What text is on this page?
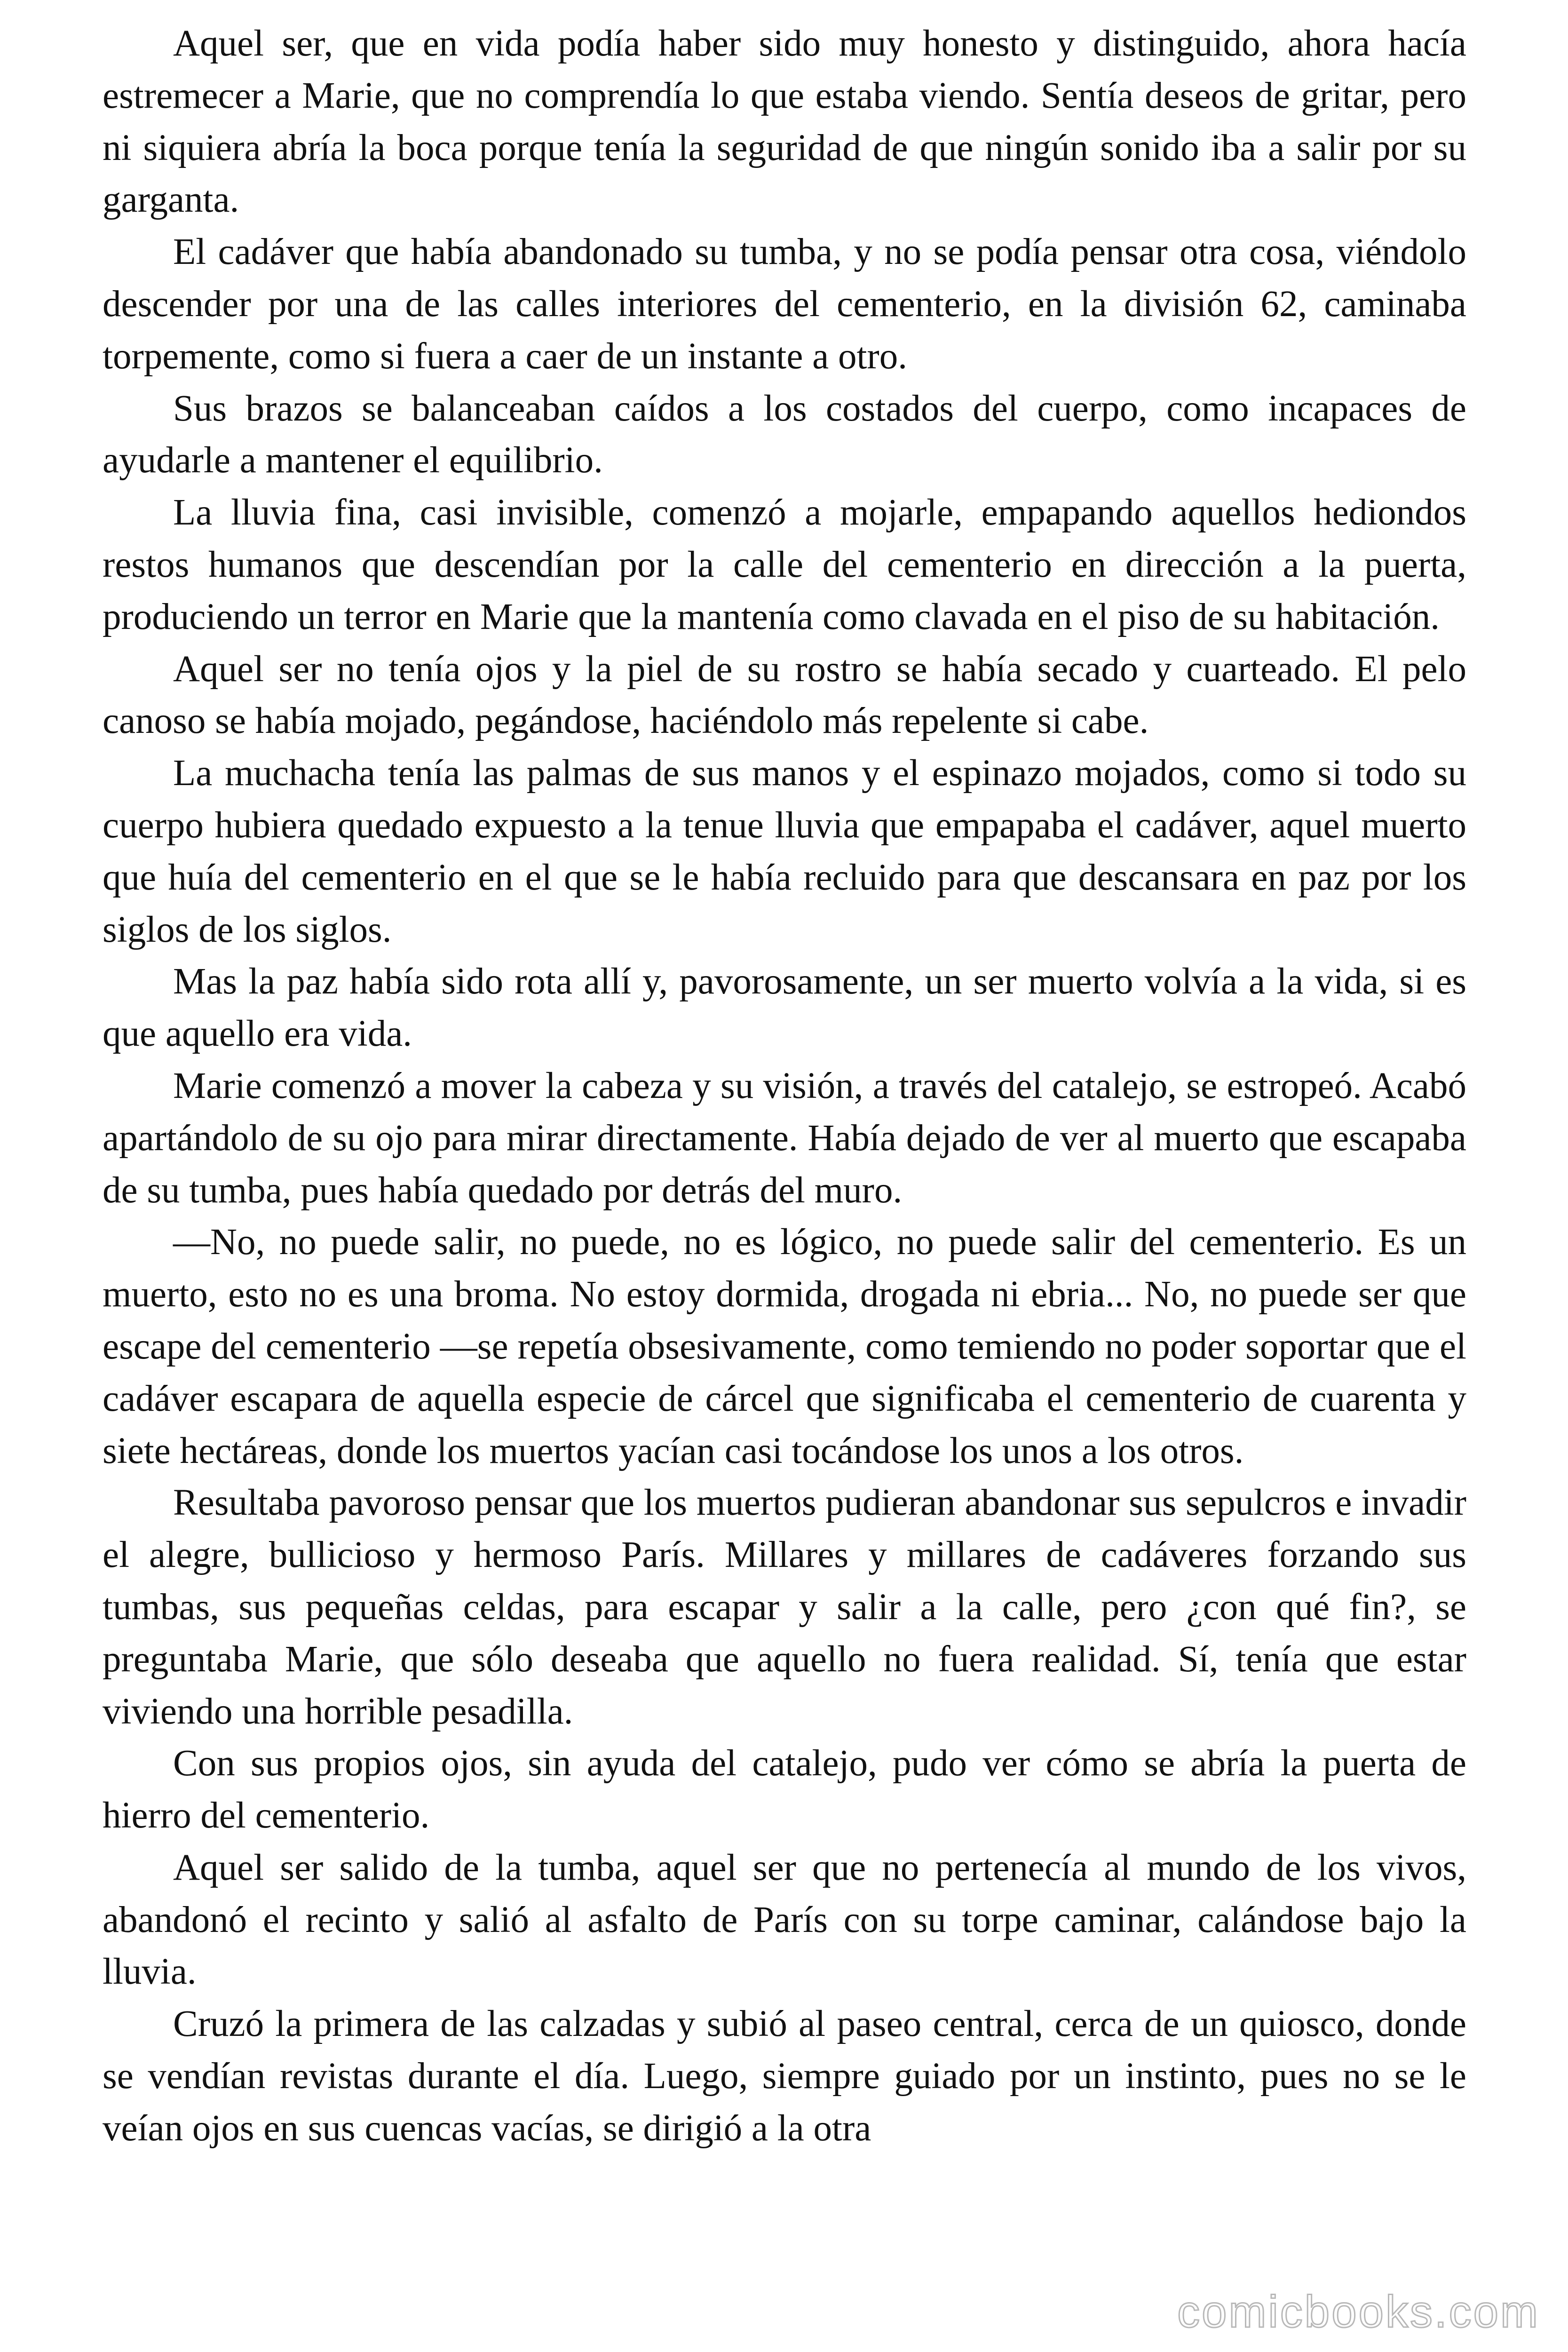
Aquel ser, que en vida podía haber sido muy honesto y distinguido, ahora hacía estremecer a Marie, que no comprendía lo que estaba viendo. Sentía deseos de gritar, pero ni siquiera abría la boca porque tenía la seguridad de que ningún sonido iba a salir por su garganta.

El cadáver que había abandonado su tumba, y no se podía pensar otra cosa, viéndolo descender por una de las calles interiores del cementerio, en la división 62, caminaba torpemente, como si fuera a caer de un instante a otro.

Sus brazos se balanceaban caídos a los costados del cuerpo, como incapaces de ayudarle a mantener el equilibrio.

La lluvia fina, casi invisible, comenzó a mojarle, empapando aquellos hediondos restos humanos que descendían por la calle del cementerio en dirección a la puerta, produciendo un terror en Marie que la mantenía como clavada en el piso de su habitación.

Aquel ser no tenía ojos y la piel de su rostro se había secado y cuarteado. El pelo canoso se había mojado, pegándose, haciéndolo más repelente si cabe.

La muchacha tenía las palmas de sus manos y el espinazo mojados, como si todo su cuerpo hubiera quedado expuesto a la tenue lluvia que empapaba el cadáver, aquel muerto que huía del cementerio en el que se le había recluido para que descansara en paz por los siglos de los siglos.

Mas la paz había sido rota allí y, pavorosamente, un ser muerto volvía a la vida, si es que aquello era vida.

Marie comenzó a mover la cabeza y su visión, a través del catalejo, se estropeó. Acabó apartándolo de su ojo para mirar directamente. Había dejado de ver al muerto que escapaba de su tumba, pues había quedado por detrás del muro.

—No, no puede salir, no puede, no es lógico, no puede salir del cementerio. Es un muerto, esto no es una broma. No estoy dormida, drogada ni ebria... No, no puede ser que escape del cementerio —se repetía obsesivamente, como temiendo no poder soportar que el cadáver escapara de aquella especie de cárcel que significaba el cementerio de cuarenta y siete hectáreas, donde los muertos yacían casi tocándose los unos a los otros.

Resultaba pavoroso pensar que los muertos pudieran abandonar sus sepulcros e invadir el alegre, bullicioso y hermoso París. Millares y millares de cadáveres forzando sus tumbas, sus pequeñas celdas, para escapar y salir a la calle, pero ¿con qué fin?, se preguntaba Marie, que sólo deseaba que aquello no fuera realidad. Sí, tenía que estar viviendo una horrible pesadilla.

Con sus propios ojos, sin ayuda del catalejo, pudo ver cómo se abría la puerta de hierro del cementerio.

Aquel ser salido de la tumba, aquel ser que no pertenecía al mundo de los vivos, abandonó el recinto y salió al asfalto de París con su torpe caminar, calándose bajo la lluvia.

Cruzó la primera de las calzadas y subió al paseo central, cerca de un quiosco, donde se vendían revistas durante el día. Luego, siempre guiado por un instinto, pues no se le veían ojos en sus cuencas vacías, se dirigió a la otra

comicbooks.com
